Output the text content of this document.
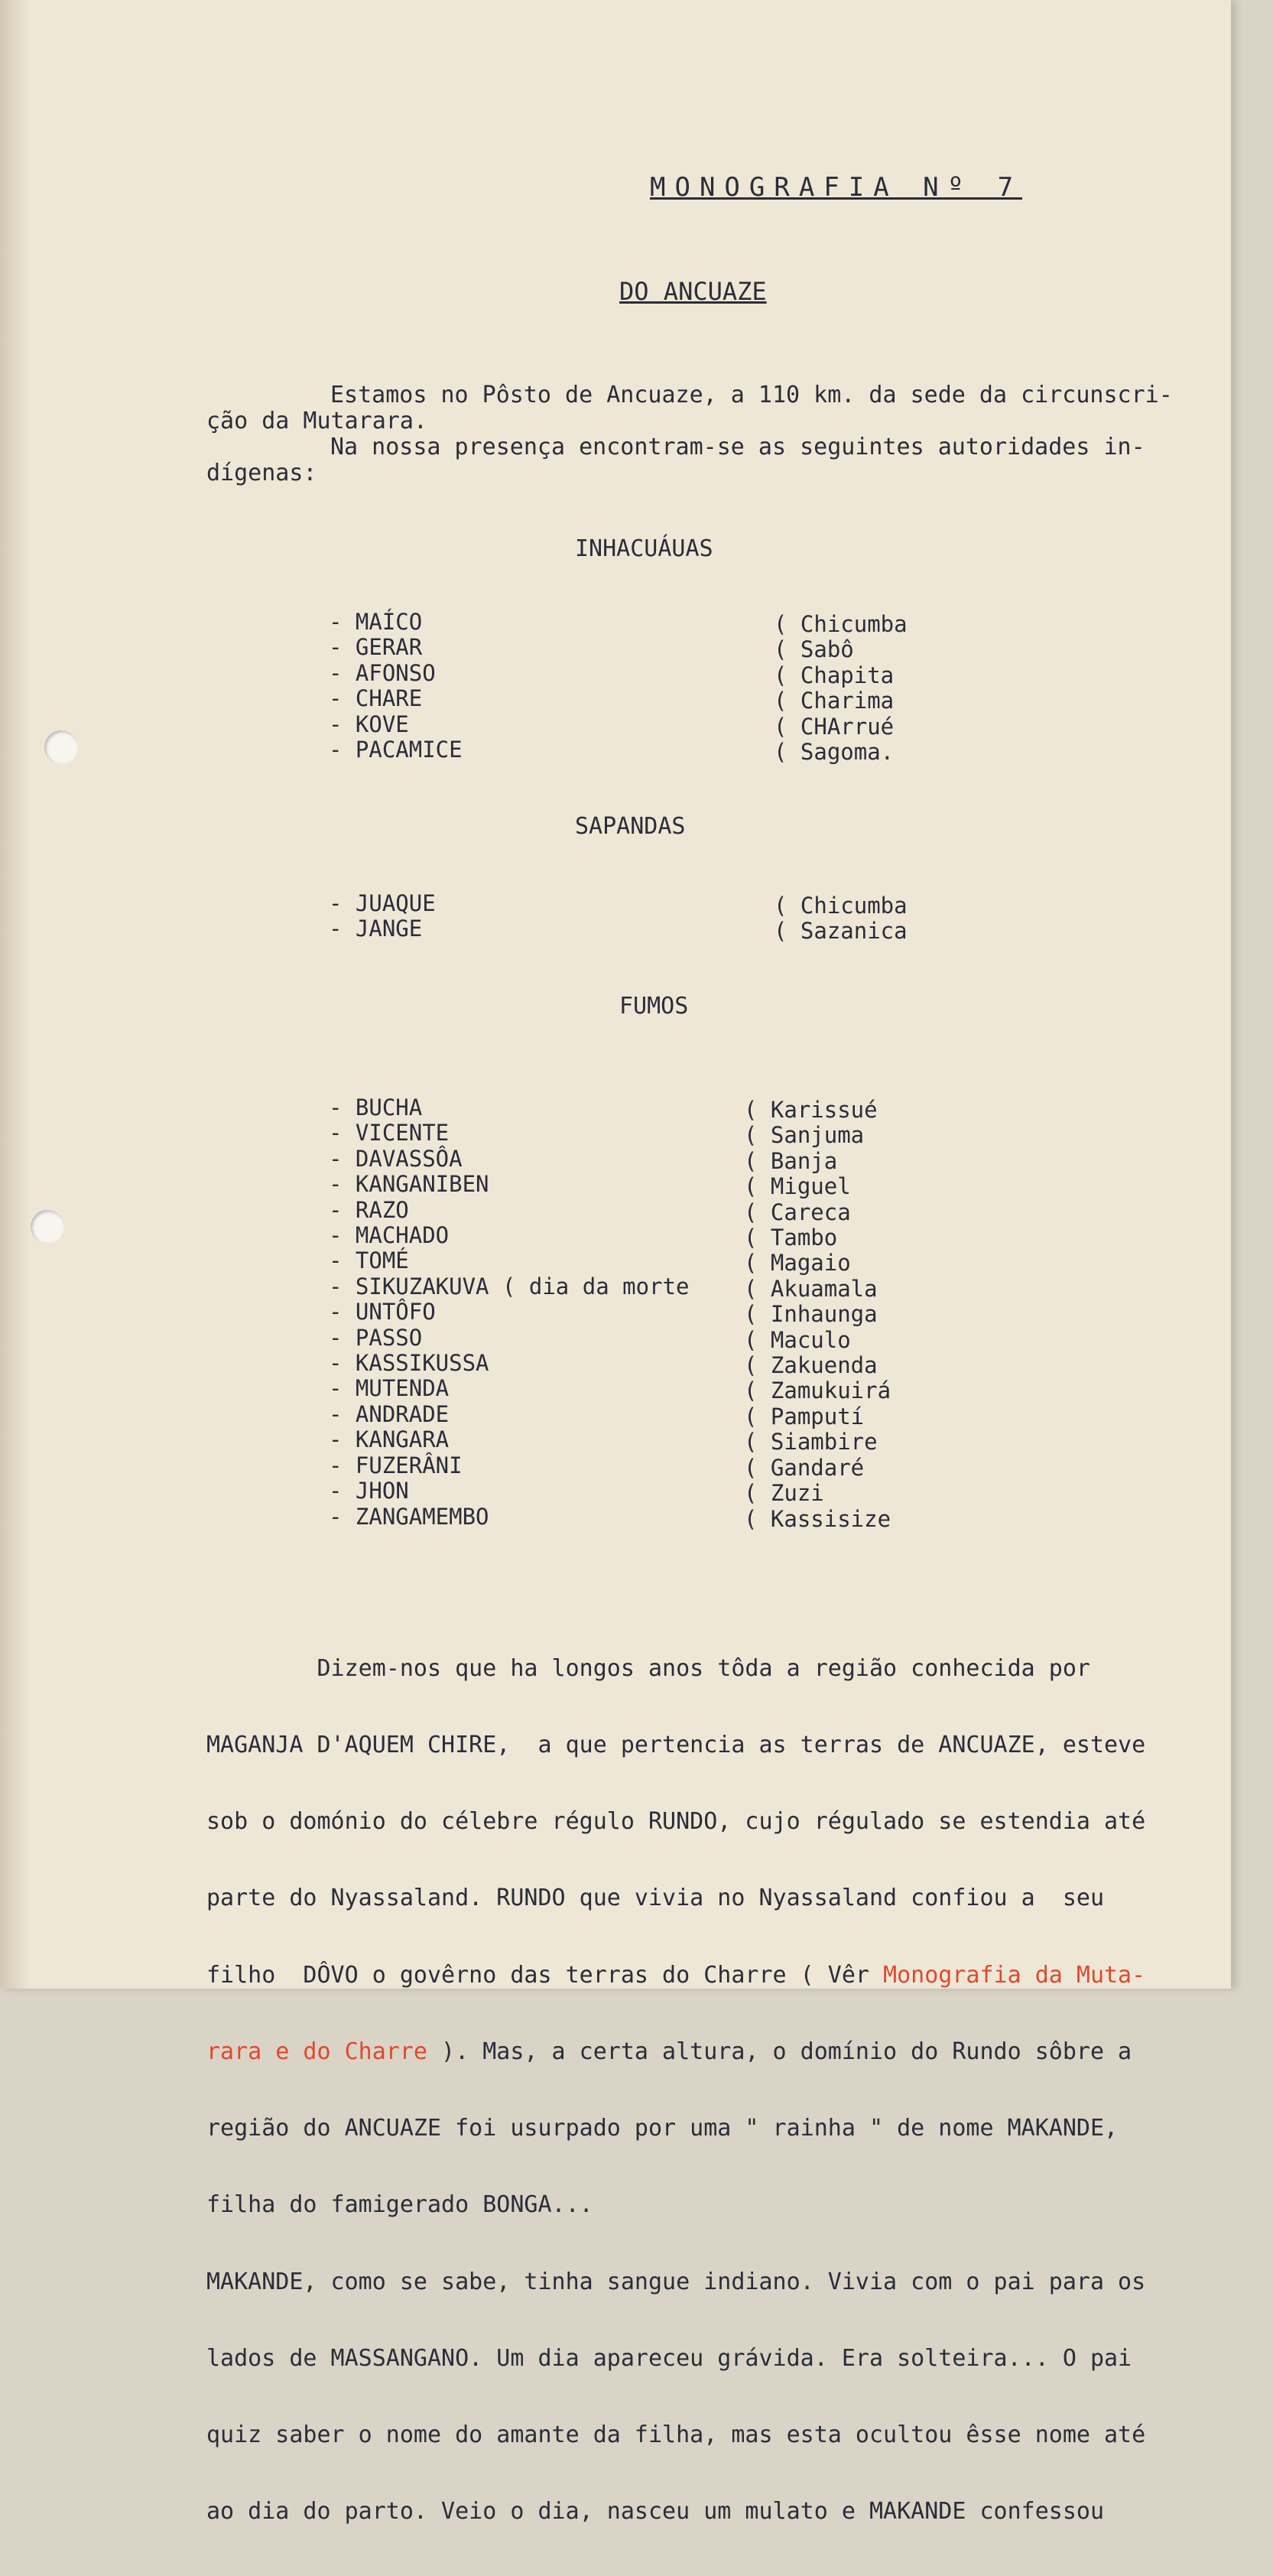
MONOGRAFIA Nº 7
DO ANCUAZE
Estamos no Pôsto de Ancuaze, a 110 km. da sede da circunscri-
ção da Mutarara.
Na nossa presença encontram-se as seguintes autoridades in-
dígenas:
INHACUÁUAS
- MAÍCO
- GERAR
- AFONSO
- CHARE
- KOVE
- PACAMICE
( Chicumba
( Sabô
( Chapita
( Charima
( CHArrué
( Sagoma.
SAPANDAS
- JUAQUE
- JANGE
( Chicumba
( Sazanica
FUMOS
- BUCHA
- VICENTE
- DAVASSÔA
- KANGANIBEN
- RAZO
- MACHADO
- TOMÉ
- SIKUZAKUVA ( dia da morte
- UNTÔFO
- PASSO
- KASSIKUSSA
- MUTENDA
- ANDRADE
- KANGARA
- FUZERÂNI
- JHON
- ZANGAMEMBO
( Karissué
( Sanjuma
( Banja
( Miguel
( Careca
( Tambo
( Magaio
( Akuamala
( Inhaunga
( Maculo
( Zakuenda
( Zamukuirá
( Pamputí
( Siambire
( Gandaré
( Zuzi
( Kassisize

Dizem-nos que ha longos anos tôda a região conhecida por

MAGANJA D'AQUEM CHIRE,  a que pertencia as terras de ANCUAZE, esteve

sob o domónio do célebre régulo RUNDO, cujo régulado se estendia até

parte do Nyassaland. RUNDO que vivia no Nyassaland confiou a  seu

filho  DÔVO o govêrno das terras do Charre ( Vêr Monografia da Muta-

rara e do Charre ). Mas, a certa altura, o domínio do Rundo sôbre a

região do ANCUAZE foi usurpado por uma " rainha " de nome MAKANDE,

filha do famigerado BONGA...

MAKANDE, como se sabe, tinha sangue indiano. Vivia com o pai para os

lados de MASSANGANO. Um dia apareceu grávida. Era solteira... O pai

quiz saber o nome do amante da filha, mas esta ocultou êsse nome até

ao dia do parto. Veio o dia, nasceu um mulato e MAKANDE confessou
